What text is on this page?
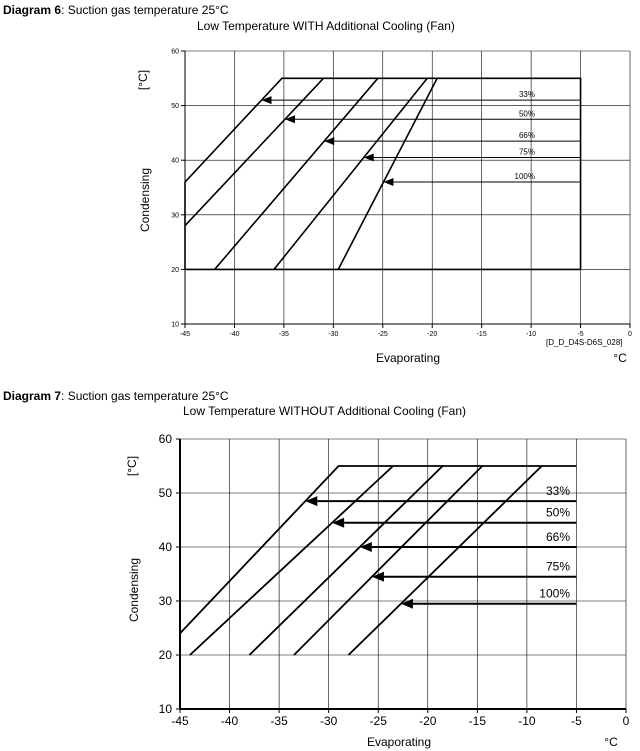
Diagram 6: Suction gas temperature 25°C
Low Temperature WITH Additional Cooling (Fan)
Diagram 7: Suction gas temperature 25°C
Low Temperature WITHOUT Additional Cooling (Fan)
-45	-40	-35	-30	-25	-20	-15	-10	-5	0
10
20
30
40
50
60
Evaporating	°C
Condensing
[°C]
33%
50%
66%
75%
100%
-45	-40	-35	-30	-25	-20	-15	-10	-5	0
10
20
30
40
50
60
Evaporating	°C
Condensing
[°C]
33%
50%
66%
75%
100%
[D_D_D4S-D6S_028]
